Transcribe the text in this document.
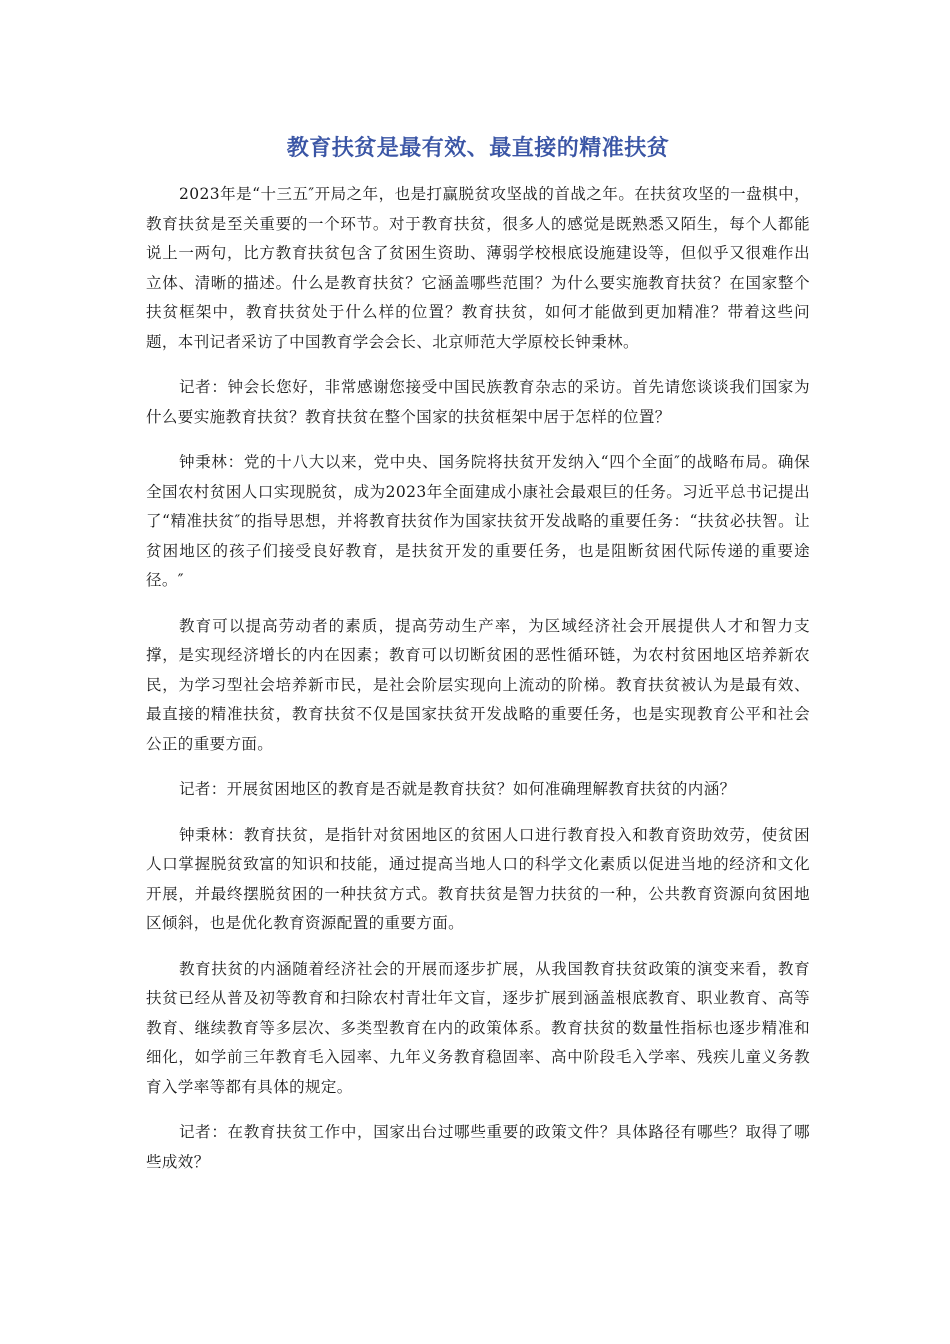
教育扶贫是最有效、最直接的精准扶贫

2023年是“十三五″开局之年，也是打赢脱贫攻坚战的首战之年。在扶贫攻坚的一盘棋中，教育扶贫是至关重要的一个环节。对于教育扶贫，很多人的感觉是既熟悉又陌生，每个人都能说上一两句，比方教育扶贫包含了贫困生资助、薄弱学校根底设施建设等，但似乎又很难作出立体、清晰的描述。什么是教育扶贫？它涵盖哪些范围？为什么要实施教育扶贫？在国家整个扶贫框架中，教育扶贫处于什么样的位置？教育扶贫，如何才能做到更加精准？带着这些问题，本刊记者采访了中国教育学会会长、北京师范大学原校长钟秉林。

记者：钟会长您好，非常感谢您接受中国民族教育杂志的采访。首先请您谈谈我们国家为什么要实施教育扶贫？教育扶贫在整个国家的扶贫框架中居于怎样的位置？

钟秉林：党的十八大以来，党中央、国务院将扶贫开发纳入“四个全面″的战略布局。确保全国农村贫困人口实现脱贫，成为2023年全面建成小康社会最艰巨的任务。习近平总书记提出了“精准扶贫″的指导思想，并将教育扶贫作为国家扶贫开发战略的重要任务：“扶贫必扶智。让贫困地区的孩子们接受良好教育，是扶贫开发的重要任务，也是阻断贫困代际传递的重要途径。″

教育可以提高劳动者的素质，提高劳动生产率，为区域经济社会开展提供人才和智力支撑，是实现经济增长的内在因素；教育可以切断贫困的恶性循环链，为农村贫困地区培养新农民，为学习型社会培养新市民，是社会阶层实现向上流动的阶梯。教育扶贫被认为是最有效、最直接的精准扶贫，教育扶贫不仅是国家扶贫开发战略的重要任务，也是实现教育公平和社会公正的重要方面。

记者：开展贫困地区的教育是否就是教育扶贫？如何准确理解教育扶贫的内涵？

钟秉林：教育扶贫，是指针对贫困地区的贫困人口进行教育投入和教育资助效劳，使贫困人口掌握脱贫致富的知识和技能，通过提高当地人口的科学文化素质以促进当地的经济和文化开展，并最终摆脱贫困的一种扶贫方式。教育扶贫是智力扶贫的一种，公共教育资源向贫困地区倾斜，也是优化教育资源配置的重要方面。

教育扶贫的内涵随着经济社会的开展而逐步扩展，从我国教育扶贫政策的演变来看，教育扶贫已经从普及初等教育和扫除农村青壮年文盲，逐步扩展到涵盖根底教育、职业教育、高等教育、继续教育等多层次、多类型教育在内的政策体系。教育扶贫的数量性指标也逐步精准和细化，如学前三年教育毛入园率、九年义务教育稳固率、高中阶段毛入学率、残疾儿童义务教育入学率等都有具体的规定。

记者：在教育扶贫工作中，国家出台过哪些重要的政策文件？具体路径有哪些？取得了哪些成效？
